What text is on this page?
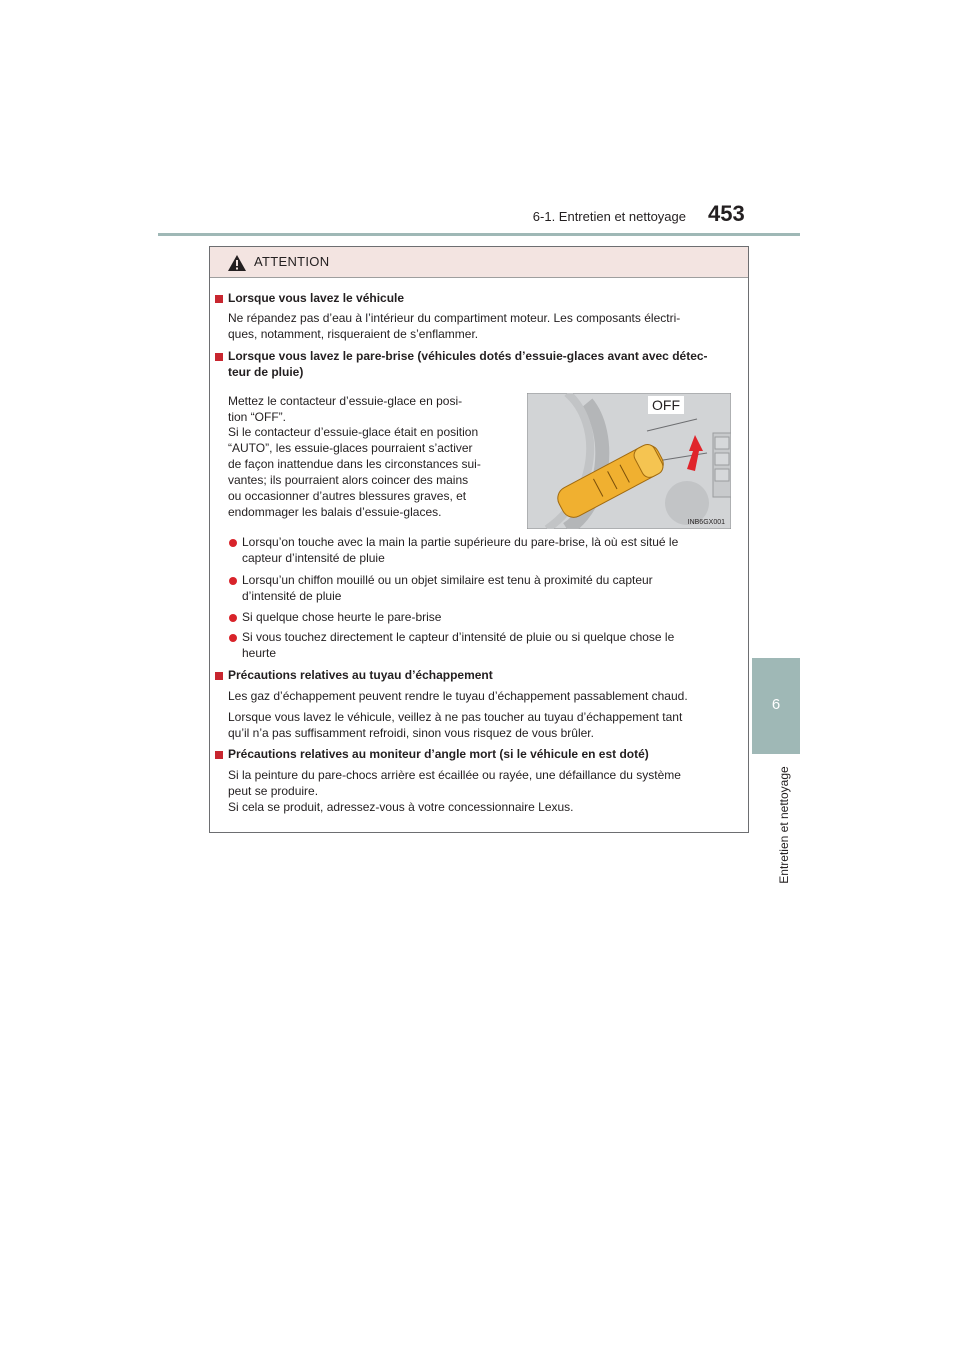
6-1. Entretien et nettoyage 453
6
Entretien et nettoyage
ATTENTION
Lorsque vous lavez le véhicule
Ne répandez pas d’eau à l’intérieur du compartiment moteur. Les composants électri-
ques, notamment, risqueraient de s’enflammer.
Lorsque vous lavez le pare-brise (véhicules dotés d’essuie-glaces avant avec détec-
teur de pluie)
Mettez le contacteur d’essuie-glace en posi-
tion “OFF”.
Si le contacteur d’essuie-glace était en position
“AUTO”, les essuie-glaces pourraient s’activer
de façon inattendue dans les circonstances sui-
vantes; ils pourraient alors coincer des mains
ou occasionner d’autres blessures graves, et
endommager les balais d’essuie-glaces.
OFF
INB6GX001
Lorsqu’on touche avec la main la partie supérieure du pare-brise, là où est situé le
capteur d’intensité de pluie
Lorsqu’un chiffon mouillé ou un objet similaire est tenu à proximité du capteur
d’intensité de pluie
Si quelque chose heurte le pare-brise
Si vous touchez directement le capteur d’intensité de pluie ou si quelque chose le
heurte
Précautions relatives au tuyau d’échappement
Les gaz d’échappement peuvent rendre le tuyau d’échappement passablement chaud.
Lorsque vous lavez le véhicule, veillez à ne pas toucher au tuyau d’échappement tant
qu’il n’a pas suffisamment refroidi, sinon vous risquez de vous brûler.
Précautions relatives au moniteur d’angle mort (si le véhicule en est doté)
Si la peinture du pare-chocs arrière est écaillée ou rayée, une défaillance du système
peut se produire.
Si cela se produit, adressez-vous à votre concessionnaire Lexus.
